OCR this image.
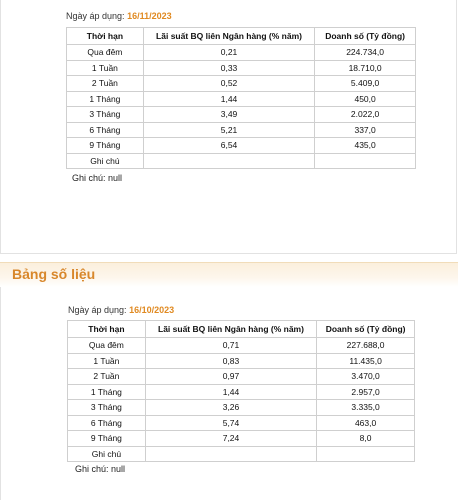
Ngày áp dụng: 16/11/2023
Thời hạn	Lãi suất BQ liên Ngân hàng (% năm)	Doanh số (Tỷ đồng)
Qua đêm	0,21	224.734,0
1 Tuần	0,33	18.710,0
2 Tuần	0,52	5.409,0
1 Tháng	1,44	450,0
3 Tháng	3,49	2.022,0
6 Tháng	5,21	337,0
9 Tháng	6,54	435,0
Ghi chú		
Ghi chú: null
Bảng số liệu
Ngày áp dụng: 16/10/2023
Thời hạn	Lãi suất BQ liên Ngân hàng (% năm)	Doanh số (Tỷ đồng)
Qua đêm	0,71	227.688,0
1 Tuần	0,83	11.435,0
2 Tuần	0,97	3.470,0
1 Tháng	1,44	2.957,0
3 Tháng	3,26	3.335,0
6 Tháng	5,74	463,0
9 Tháng	7,24	8,0
Ghi chú		
Ghi chú: null
